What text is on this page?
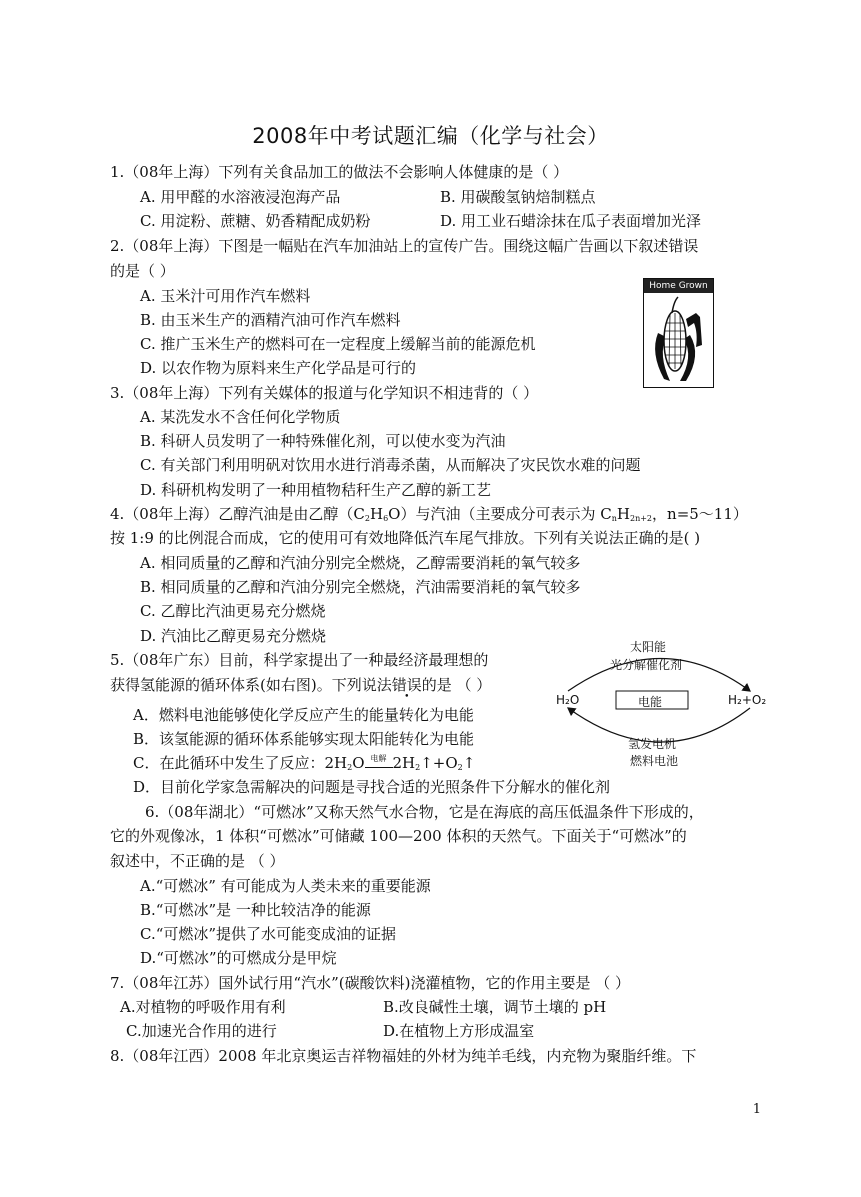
2008年中考试题汇编（化学与社会）
1.（08年上海）下列有关食品加工的做法不会影响人体健康的是（ ）
A. 用甲醛的水溶液浸泡海产品	B. 用碳酸氢钠焙制糕点
C. 用淀粉、蔗糖、奶香精配成奶粉	D. 用工业石蜡涂抹在瓜子表面增加光泽
2.（08年上海）下图是一幅贴在汽车加油站上的宣传广告。围绕这幅广告画以下叙述错误
的是（ ）
A. 玉米汁可用作汽车燃料
B. 由玉米生产的酒精汽油可作汽车燃料
C. 推广玉米生产的燃料可在一定程度上缓解当前的能源危机
D. 以农作物为原料来生产化学品是可行的
Home Grown
3.（08年上海）下列有关媒体的报道与化学知识不相违背的（ ）
A. 某洗发水不含任何化学物质
B. 科研人员发明了一种特殊催化剂，可以使水变为汽油
C. 有关部门利用明矾对饮用水进行消毒杀菌，从而解决了灾民饮水难的问题
D. 科研机构发明了一种用植物秸秆生产乙醇的新工艺
4.（08年上海）乙醇汽油是由乙醇$(C_2H_6O)$与汽油（主要成分可表示为 $C_nH_{2n+2}$，n=5～11）
按 1:9 的比例混合而成，它的使用可有效地降低汽车尾气排放。下列有关说法正确的是( )
A. 相同质量的乙醇和汽油分别完全燃烧，乙醇需要消耗的氧气较多
B. 相同质量的乙醇和汽油分别完全燃烧，汽油需要消耗的氧气较多
C. 乙醇比汽油更易充分燃烧
D. 汽油比乙醇更易充分燃烧
5.（08年广东）目前，科学家提出了一种最经济最理想的
获得氢能源的循环体系(如右图)。下列说法错误的是 （ ）
A．燃料电池能够使化学反应产生的能量转化为电能
B．该氢能源的循环体系能够实现太阳能转化为电能
C．在此循环中发生了反应：$2H_2O$ 电解 $2H_2↑+O_2↑$
D．目前化学家急需解决的问题是寻找合适的光照条件下分解水的催化剂
太阳能
光分解催化剂
H₂O	电能	H₂+O₂
氢发电机
燃料电池
6.（08年湖北）“可燃冰”又称天然气水合物，它是在海底的高压低温条件下形成的，
它的外观像冰，1 体积“可燃冰”可储藏 100—200 体积的天然气。下面关于“可燃冰”的
叙述中，不正确的是 （ ）
A.“可燃冰” 有可能成为人类未来的重要能源
B.“可燃冰”是 一种比较洁净的能源
C.“可燃冰”提供了水可能变成油的证据
D.“可燃冰”的可燃成分是甲烷
7.（08年江苏）国外试行用“汽水”(碳酸饮料)浇灌植物，它的作用主要是 （ ）
A.对植物的呼吸作用有利	B.改良碱性土壤，调节土壤的 pH
C.加速光合作用的进行	D.在植物上方形成温室
8.（08年江西）2008 年北京奥运吉祥物福娃的外材为纯羊毛线，内充物为聚脂纤维。下
1
